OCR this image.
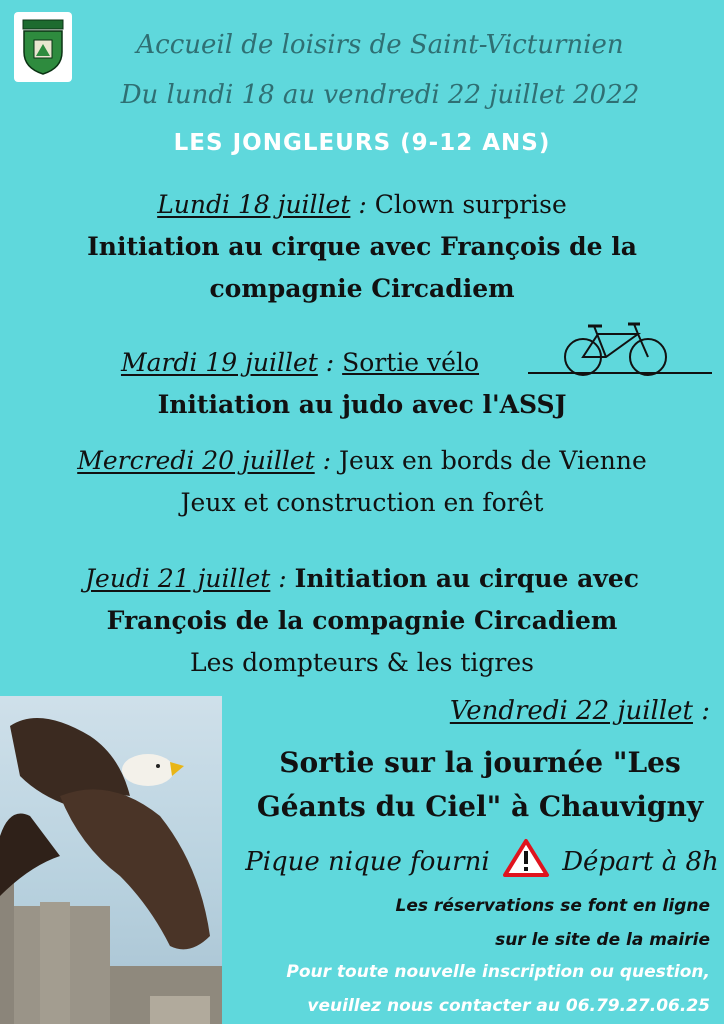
Accueil de loisirs de Saint-Victurnien
Du lundi 18 au vendredi 22 juillet 2022
LES JONGLEURS (9-12 ANS)
Lundi 18 juillet : Clown surprise
Initiation au cirque avec François de la
compagnie Circadiem
Mardi 19 juillet : Sortie vélo
Initiation au judo avec l'ASSJ
Mercredi 20 juillet : Jeux en bords de Vienne
Jeux et construction en forêt
Jeudi 21 juillet : Initiation au cirque avec
François de la compagnie Circadiem
Les dompteurs & les tigres
Vendredi 22 juillet :
Sortie sur la journée "Les
Géants du Ciel" à Chauvigny
Pique nique fourni	Départ à 8h
Les réservations se font en ligne
sur le site de la mairie
Pour toute nouvelle inscription ou question,
veuillez nous contacter au 06.79.27.06.25
